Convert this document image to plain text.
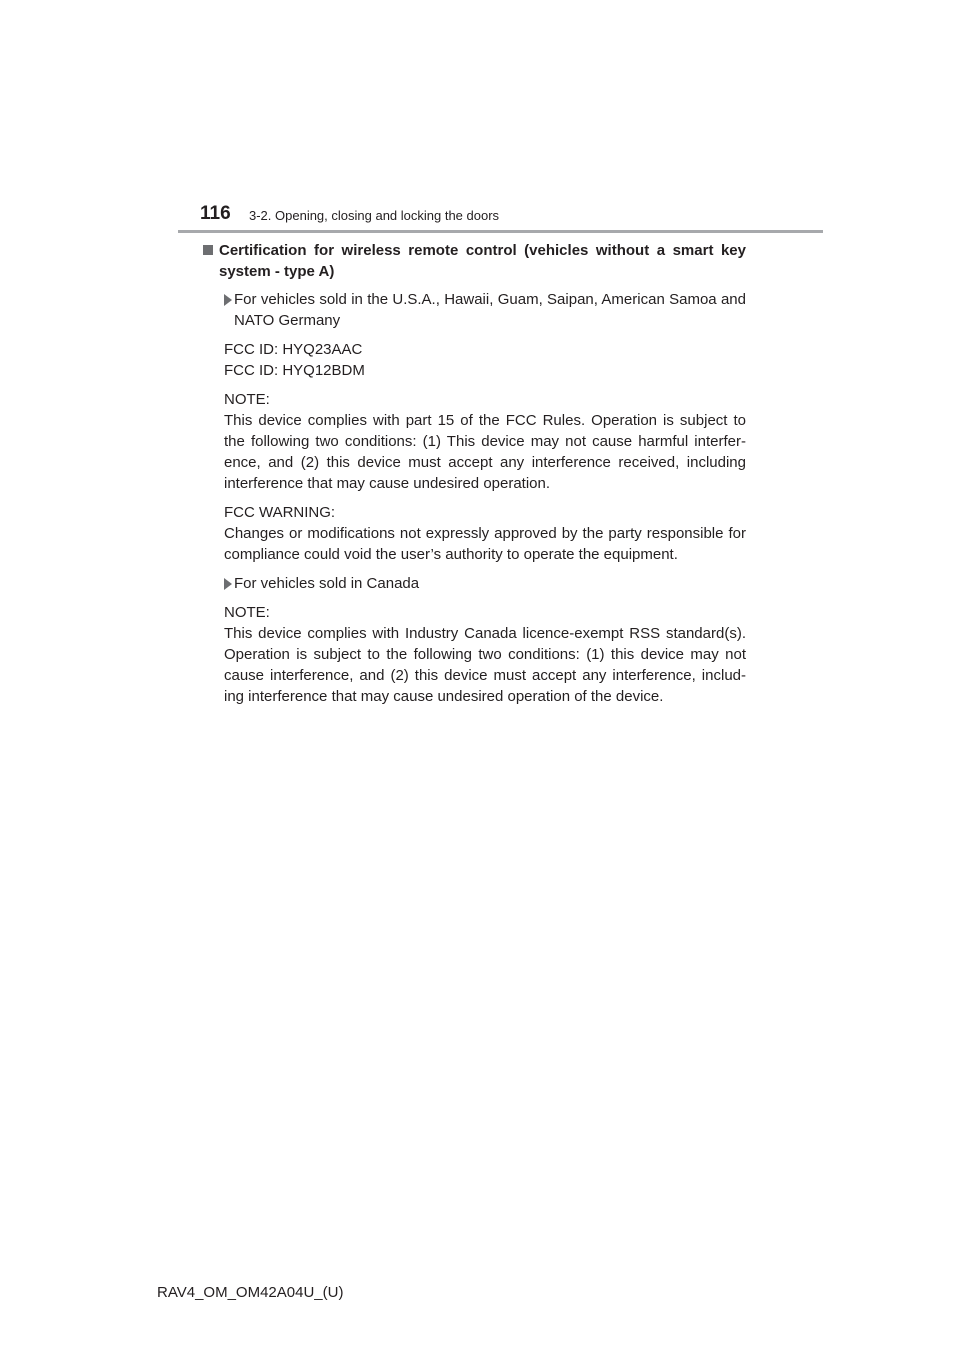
116 3-2. Opening, closing and locking the doors
Certification for wireless remote control (vehicles without a smart key system - type A)
For vehicles sold in the U.S.A., Hawaii, Guam, Saipan, American Samoa and NATO Germany
FCC ID: HYQ23AAC
FCC ID: HYQ12BDM
NOTE:
This device complies with part 15 of the FCC Rules. Operation is subject to the following two conditions: (1) This device may not cause harmful interfer-ence, and (2) this device must accept any interference received, including interference that may cause undesired operation.
FCC WARNING:
Changes or modifications not expressly approved by the party responsible for compliance could void the user’s authority to operate the equipment.
For vehicles sold in Canada
NOTE:
This device complies with Industry Canada licence-exempt RSS standard(s). Operation is subject to the following two conditions: (1) this device may not cause interference, and (2) this device must accept any interference, includ-ing interference that may cause undesired operation of the device.
RAV4_OM_OM42A04U_(U)
